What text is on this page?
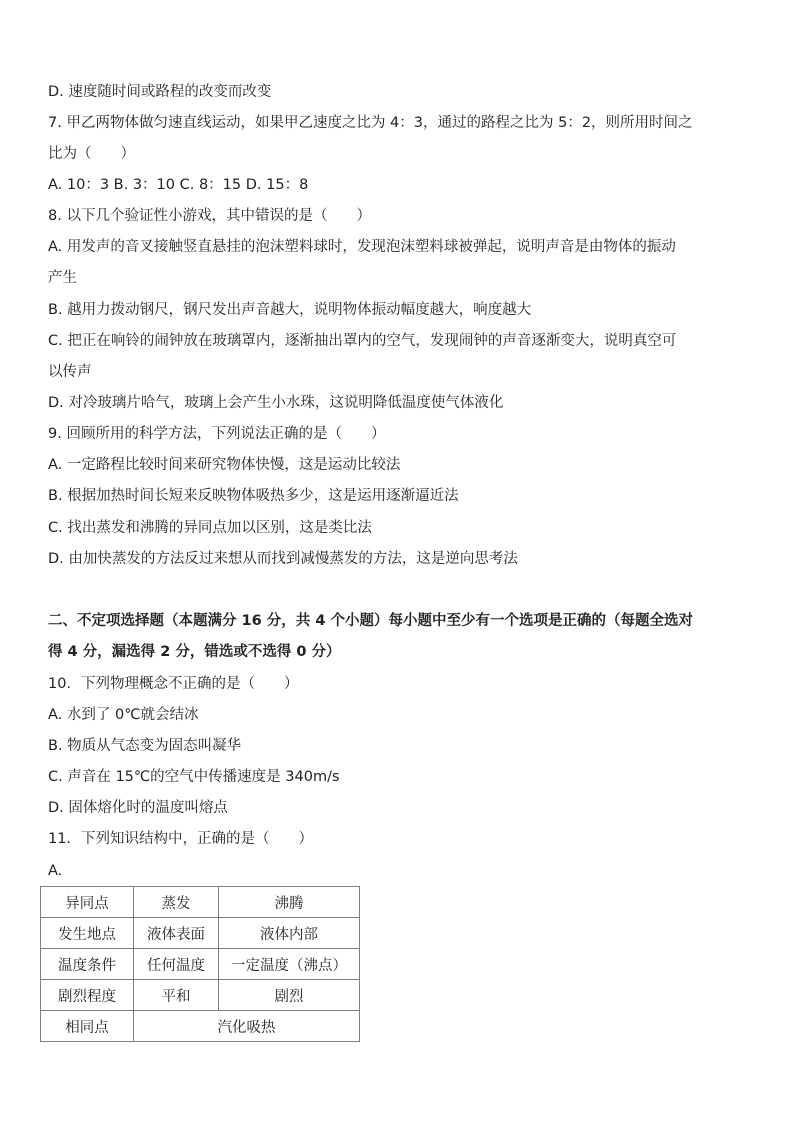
D. 速度随时间或路程的改变而改变
7. 甲乙两物体做匀速直线运动，如果甲乙速度之比为 4：3，通过的路程之比为 5：2，则所用时间之
比为（　　）
A. 10：3 B. 3：10 C. 8：15 D. 15：8
8. 以下几个验证性小游戏，其中错误的是（　　）
A. 用发声的音叉接触竖直悬挂的泡沫塑料球时，发现泡沫塑料球被弹起，说明声音是由物体的振动
产生
B. 越用力拨动钢尺，钢尺发出声音越大，说明物体振动幅度越大，响度越大
C. 把正在响铃的闹钟放在玻璃罩内，逐渐抽出罩内的空气，发现闹钟的声音逐渐变大，说明真空可
以传声
D. 对冷玻璃片哈气，玻璃上会产生小水珠，这说明降低温度使气体液化
9. 回顾所用的科学方法，下列说法正确的是（　　）
A. 一定路程比较时间来研究物体快慢，这是运动比较法
B. 根据加热时间长短来反映物体吸热多少，这是运用逐渐逼近法
C. 找出蒸发和沸腾的异同点加以区别，这是类比法
D. 由加快蒸发的方法反过来想从而找到减慢蒸发的方法，这是逆向思考法
二、不定项选择题（本题满分 16 分，共 4 个小题）每小题中至少有一个选项是正确的（每题全选对
得 4 分，漏选得 2 分，错选或不选得 0 分）
10．下列物理概念不正确的是（　　）
A. 水到了 0℃就会结冰
B. 物质从气态变为固态叫凝华
C. 声音在 15℃的空气中传播速度是 340m/s
D. 固体熔化时的温度叫熔点
11．下列知识结构中，正确的是（　　）
A.
异同点	蒸发	沸腾
发生地点	液体表面	液体内部
温度条件	任何温度	一定温度（沸点）
剧烈程度	平和	剧烈
相同点	汽化吸热	
